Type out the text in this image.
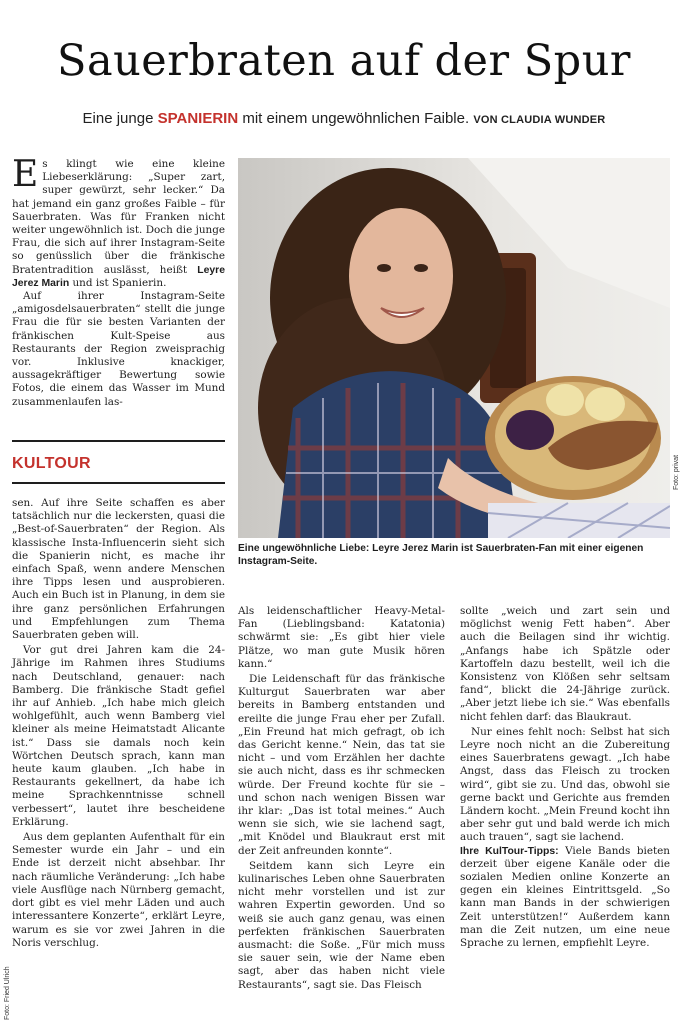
Sauerbraten auf der Spur
Eine junge SPANIERIN mit einem ungewöhnlichen Faible. VON CLAUDIA WUNDER

Es klingt wie eine kleine Liebeserklärung: „Super zart, super gewürzt, sehr lecker.“ Da hat jemand ein ganz großes Faible – für Sauerbraten. Was für Franken nicht weiter ungewöhnlich ist. Doch die junge Frau, die sich auf ihrer Instagram-Seite so genüsslich über die fränkische Bratentradition auslässt, heißt Leyre Jerez Marin und ist Spanierin.

Auf ihrer Instagram-Seite „amigosdelsauerbraten“ stellt die junge Frau die für sie besten Varianten der fränkischen Kult-Speise aus Restaurants der Region zweisprachig vor. Inklusive knackiger, aussagekräftiger Bewertung sowie Fotos, die einem das Wasser im Mund zusammenlaufen las-

KULTOUR

sen. Auf ihre Seite schaffen es aber tatsächlich nur die leckersten, quasi die „Best-of-Sauerbraten“ der Region. Als klassische Insta-Influencerin sieht sich die Spanierin nicht, es mache ihr einfach Spaß, wenn andere Menschen ihre Tipps lesen und ausprobieren. Auch ein Buch ist in Planung, in dem sie ihre ganz persönlichen Erfahrungen und Empfehlungen zum Thema Sauerbraten geben will.

Vor gut drei Jahren kam die 24-Jährige im Rahmen ihres Studiums nach Deutschland, genauer: nach Bamberg. Die fränkische Stadt gefiel ihr auf Anhieb. „Ich habe mich gleich wohlgefühlt, auch wenn Bamberg viel kleiner als meine Heimatstadt Alicante ist.“ Dass sie damals noch kein Wörtchen Deutsch sprach, kann man heute kaum glauben. „Ich habe in Restaurants gekellnert, da habe ich meine Sprachkenntnisse schnell verbessert“, lautet ihre bescheidene Erklärung.

Aus dem geplanten Aufenthalt für ein Semester wurde ein Jahr – und ein Ende ist derzeit nicht absehbar. Ihr nach räumliche Veränderung: „Ich habe viele Ausflüge nach Nürnberg gemacht, dort gibt es viel mehr Läden und auch interessantere Konzerte“, erklärt Leyre, warum es sie vor zwei Jahren in die Noris verschlug.

Foto: privat
Eine ungewöhnliche Liebe: Leyre Jerez Marin ist Sauerbraten-Fan mit einer eigenen Instagram-Seite.

Als leidenschaftlicher Heavy-Metal-Fan (Lieblingsband: Katatonia) schwärmt sie: „Es gibt hier viele Plätze, wo man gute Musik hören kann.“

Die Leidenschaft für das fränkische Kulturgut Sauerbraten war aber bereits in Bamberg entstanden und ereilte die junge Frau eher per Zufall. „Ein Freund hat mich gefragt, ob ich das Gericht kenne.“ Nein, das tat sie nicht – und vom Erzählen her dachte sie auch nicht, dass es ihr schmecken würde. Der Freund kochte für sie – und schon nach wenigen Bissen war ihr klar: „Das ist total meines.“ Auch wenn sie sich, wie sie lachend sagt, „mit Knödel und Blaukraut erst mit der Zeit anfreunden konnte“.

Seitdem kann sich Leyre ein kulinarisches Leben ohne Sauerbraten nicht mehr vorstellen und ist zur wahren Expertin geworden. Und so weiß sie auch ganz genau, was einen perfekten fränkischen Sauerbraten ausmacht: die Soße. „Für mich muss sie sauer sein, wie der Name eben sagt, aber das haben nicht viele Restaurants“, sagt sie. Das Fleisch

sollte „weich und zart sein und möglichst wenig Fett haben“. Aber auch die Beilagen sind ihr wichtig. „Anfangs habe ich Spätzle oder Kartoffeln dazu bestellt, weil ich die Konsistenz von Klößen sehr seltsam fand“, blickt die 24-Jährige zurück. „Aber jetzt liebe ich sie.“ Was ebenfalls nicht fehlen darf: das Blaukraut.

Nur eines fehlt noch: Selbst hat sich Leyre noch nicht an die Zubereitung eines Sauerbratens gewagt. „Ich habe Angst, dass das Fleisch zu trocken wird“, gibt sie zu. Und das, obwohl sie gerne backt und Gerichte aus fremden Ländern kocht. „Mein Freund kocht ihn aber sehr gut und bald werde ich mich auch trauen“, sagt sie lachend.

Ihre KulTour-Tipps: Viele Bands bieten derzeit über eigene Kanäle oder die sozialen Medien online Konzerte an gegen ein kleines Eintrittsgeld. „So kann man Bands in der schwierigen Zeit unterstützen!“ Außerdem kann man die Zeit nutzen, um eine neue Sprache zu lernen, empfiehlt Leyre.

Foto: Fried Ulrich
